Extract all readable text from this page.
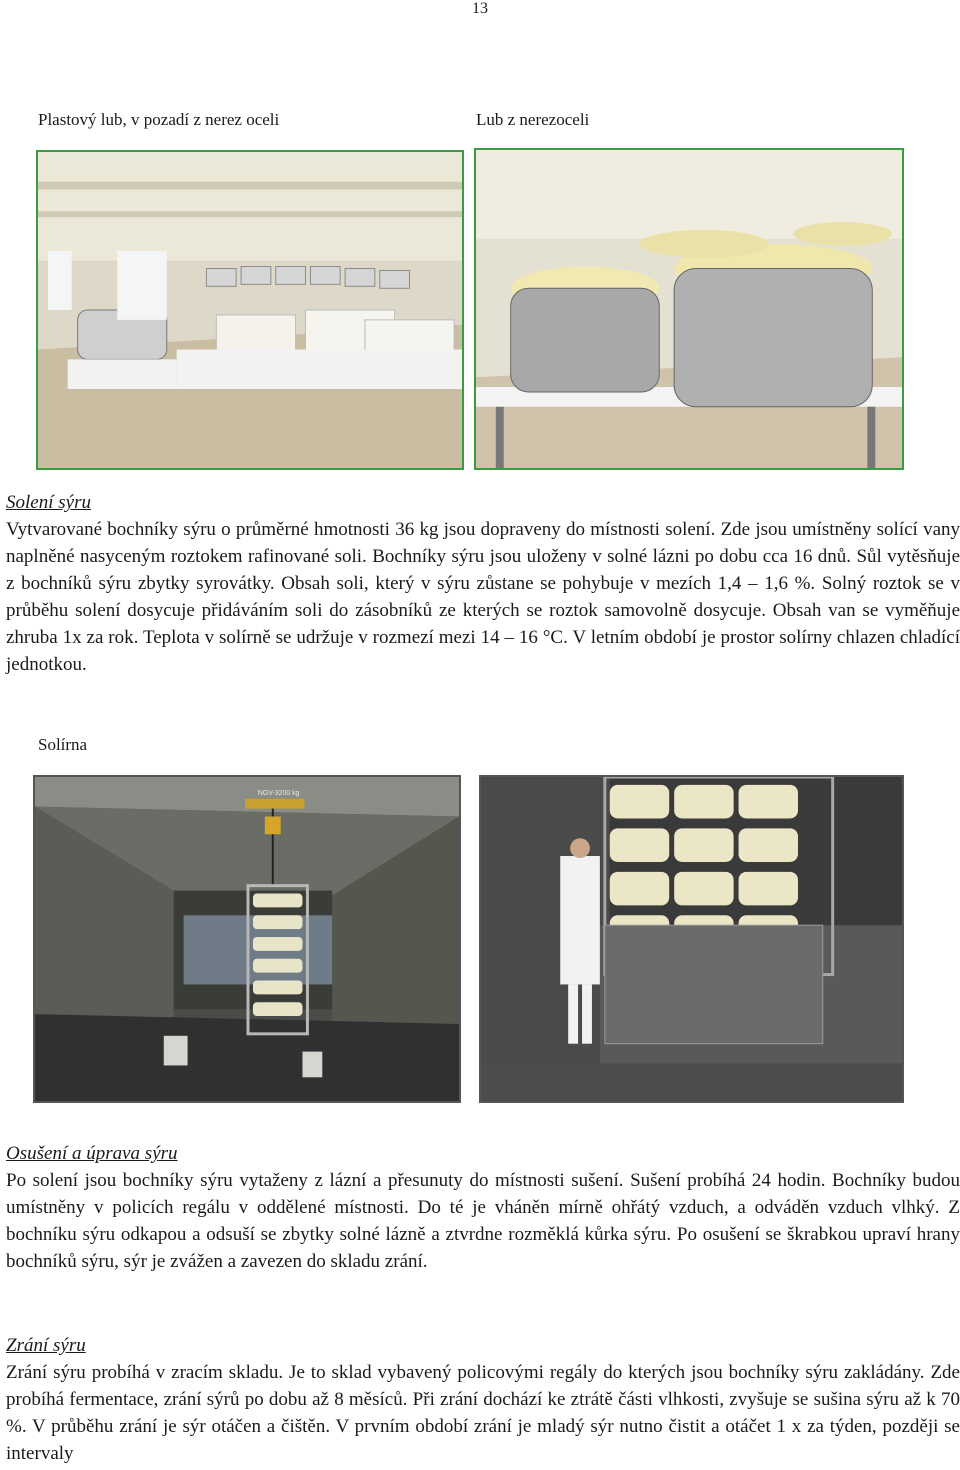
13
Plastový lub, v pozadí z nerez oceli	Lub z nerezoceli
Solení sýru

Vytvarované bochníky sýru o průměrné hmotnosti 36 kg jsou dopraveny do místnosti solení. Zde jsou umístněny solící vany naplněné nasyceným roztokem rafinované soli. Bochníky sýru jsou uloženy v solné lázni po dobu cca 16 dnů. Sůl vytěsňuje z bochníků sýru zbytky syrovátky. Obsah soli, který v sýru zůstane se pohybuje v mezích 1,4 – 1,6 %. Solný roztok se v průběhu solení dosycuje přidáváním soli do zásobníků ze kterých se roztok samovolně dosycuje. Obsah van se vyměňuje zhruba 1x za rok. Teplota v solírně se udržuje v rozmezí mezi 14 – 16 °C. V letním období je prostor solírny chlazen chladící jednotkou.

Solírna
NGV-3200 kg
Osušení a úprava sýru

Po solení jsou bochníky sýru vytaženy z lázní a přesunuty do místnosti sušení. Sušení probíhá 24 hodin. Bochníky budou umístněny v policích regálu v oddělené místnosti. Do té je vháněn mírně ohřátý vzduch, a odváděn vzduch vlhký. Z bochníku sýru odkapou a odsuší se zbytky solné lázně a ztvrdne rozměklá kůrka sýru. Po osušení se škrabkou upraví hrany bochníků sýru, sýr je zvážen a zavezen do skladu zrání.

Zrání sýru

Zrání sýru probíhá v zracím skladu. Je to sklad vybavený policovými regály do kterých jsou bochníky sýru zakládány. Zde probíhá fermentace, zrání sýrů po dobu až 8 měsíců. Při zrání dochází ke ztrátě části vlhkosti, zvyšuje se sušina sýru až k 70 %. V průběhu zrání je sýr otáčen a čištěn. V prvním období zrání je mladý sýr nutno čistit a otáčet 1 x za týden, později se intervaly
